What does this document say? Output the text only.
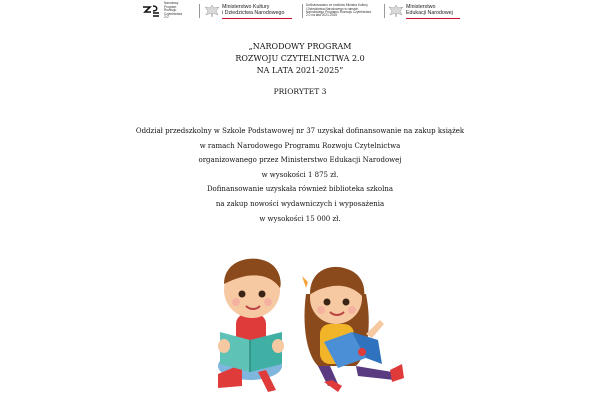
Narodowy
Program
Rozwoju
Czytelnictwa
2.0
Ministerstwo Kultury
i Dziedzictwa Narodowego
Dofinansowano ze środków Ministra Kultury
i Dziedzictwa Narodowego w ramach
Narodowego Programu Rozwoju Czytelnictwa
2.0 na lata 2021-2025
Ministerstwo
Edukacji Narodowej
„NARODOWY PROGRAM
ROZWOJU CZYTELNICTWA 2.0
NA LATA 2021-2025”
PRIORYTET 3
Oddział przedszkolny w Szkole Podstawowej nr 37 uzyskał dofinansowanie na zakup książek
w ramach Narodowego Programu Rozwoju Czytelnictwa
organizowanego przez Ministerstwo Edukacji Narodowej
w wysokości 1 875 zł.
Dofinansowanie uzyskała również biblioteka szkolna
na zakup nowości wydawniczych i wyposażenia
w wysokości 15 000 zł.
